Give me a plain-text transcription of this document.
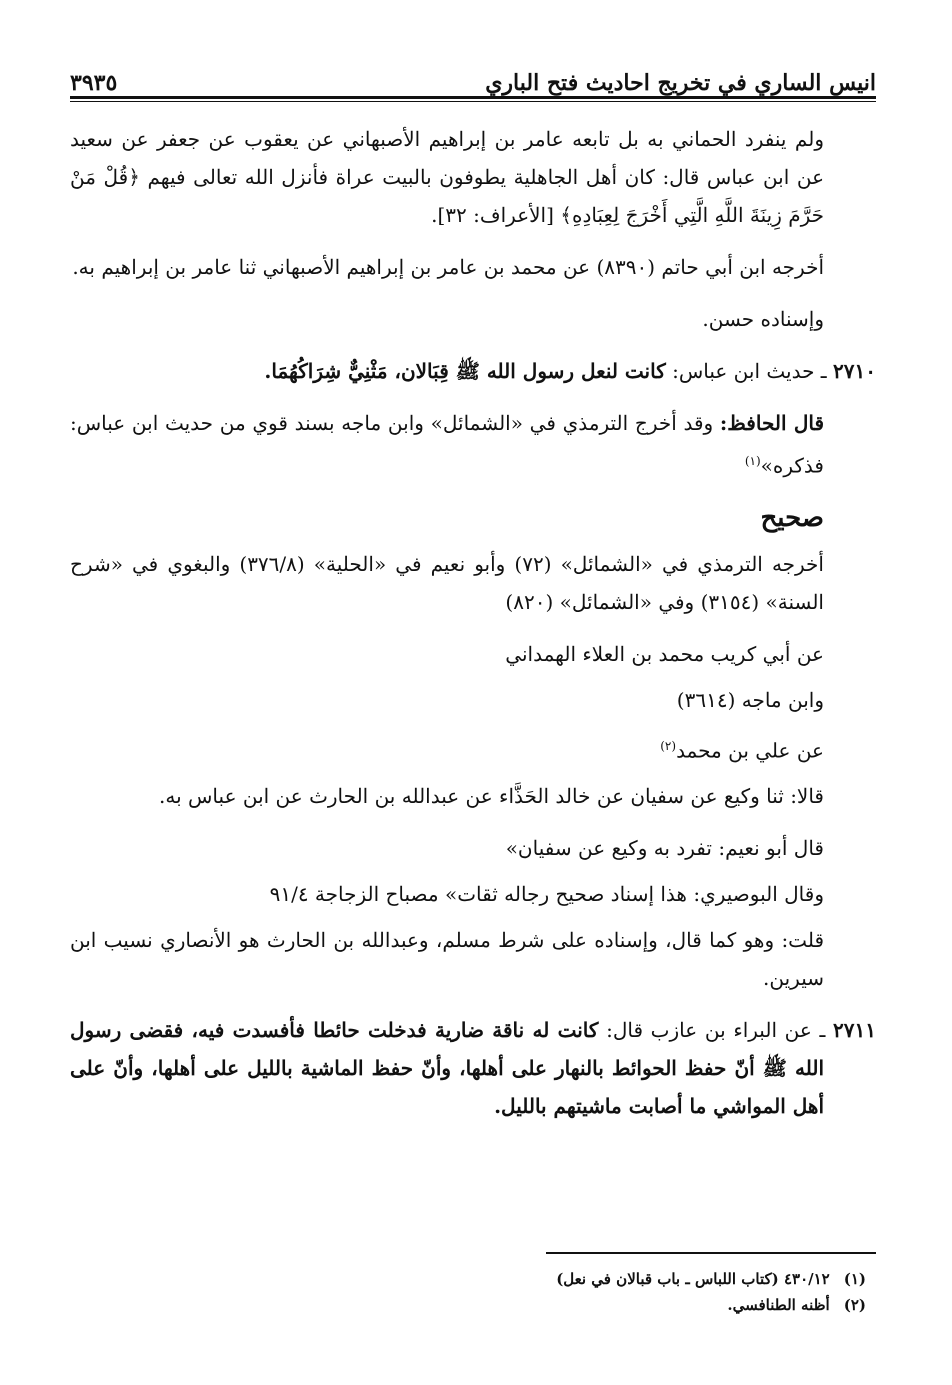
انيس الساري في تخريج احاديث فتح الباري
٣٩٣٥

ولم ينفرد الحماني به بل تابعه عامر بن إبراهيم الأصبهاني عن يعقوب عن جعفر عن سعيد عن ابن عباس قال: كان أهل الجاهلية يطوفون بالبيت عراة فأنزل الله تعالى فيهم ﴿قُلْ مَنْ حَرَّمَ زِينَةَ اللَّهِ الَّتِي أَخْرَجَ لِعِبَادِهِ﴾ [الأعراف: ٣٢].

أخرجه ابن أبي حاتم (٨٣٩٠) عن محمد بن عامر بن إبراهيم الأصبهاني ثنا عامر بن إبراهيم به.

وإسناده حسن.

٢٧١٠ ـ حديث ابن عباس: كانت لنعل رسول الله ﷺ قِبَالان، مَثْنِيٌّ شِرَاكُهُمَا.

قال الحافظ: وقد أخرج الترمذي في «الشمائل» وابن ماجه بسند قوي من حديث ابن عباس: فذكره»$^{(١)}$

صحيح

أخرجه الترمذي في «الشمائل» (٧٢) وأبو نعيم في «الحلية» (٣٧٦/٨) والبغوي في «شرح السنة» (٣١٥٤) وفي «الشمائل» (٨٢٠)

عن أبي كريب محمد بن العلاء الهمداني

وابن ماجه (٣٦١٤)

عن علي بن محمد$^{(٢)}$

قالا: ثنا وكيع عن سفيان عن خالد الحَذَّاء عن عبدالله بن الحارث عن ابن عباس به.

قال أبو نعيم: تفرد به وكيع عن سفيان»

وقال البوصيري: هذا إسناد صحيح رجاله ثقات» مصباح الزجاجة ٩١/٤

قلت: وهو كما قال، وإسناده على شرط مسلم، وعبدالله بن الحارث هو الأنصاري نسيب ابن سيرين.

٢٧١١ ـ عن البراء بن عازب قال: كانت له ناقة ضارية فدخلت حائطا فأفسدت فيه، فقضى رسول الله ﷺ أنّ حفظ الحوائط بالنهار على أهلها، وأنّ حفظ الماشية بالليل على أهلها، وأنّ على أهل المواشي ما أصابت ماشيتهم بالليل.

(١)
٤٣٠/١٢ (كتاب اللباس ـ باب قبالان في نعل)
(٢)
أظنه الطنافسي.
